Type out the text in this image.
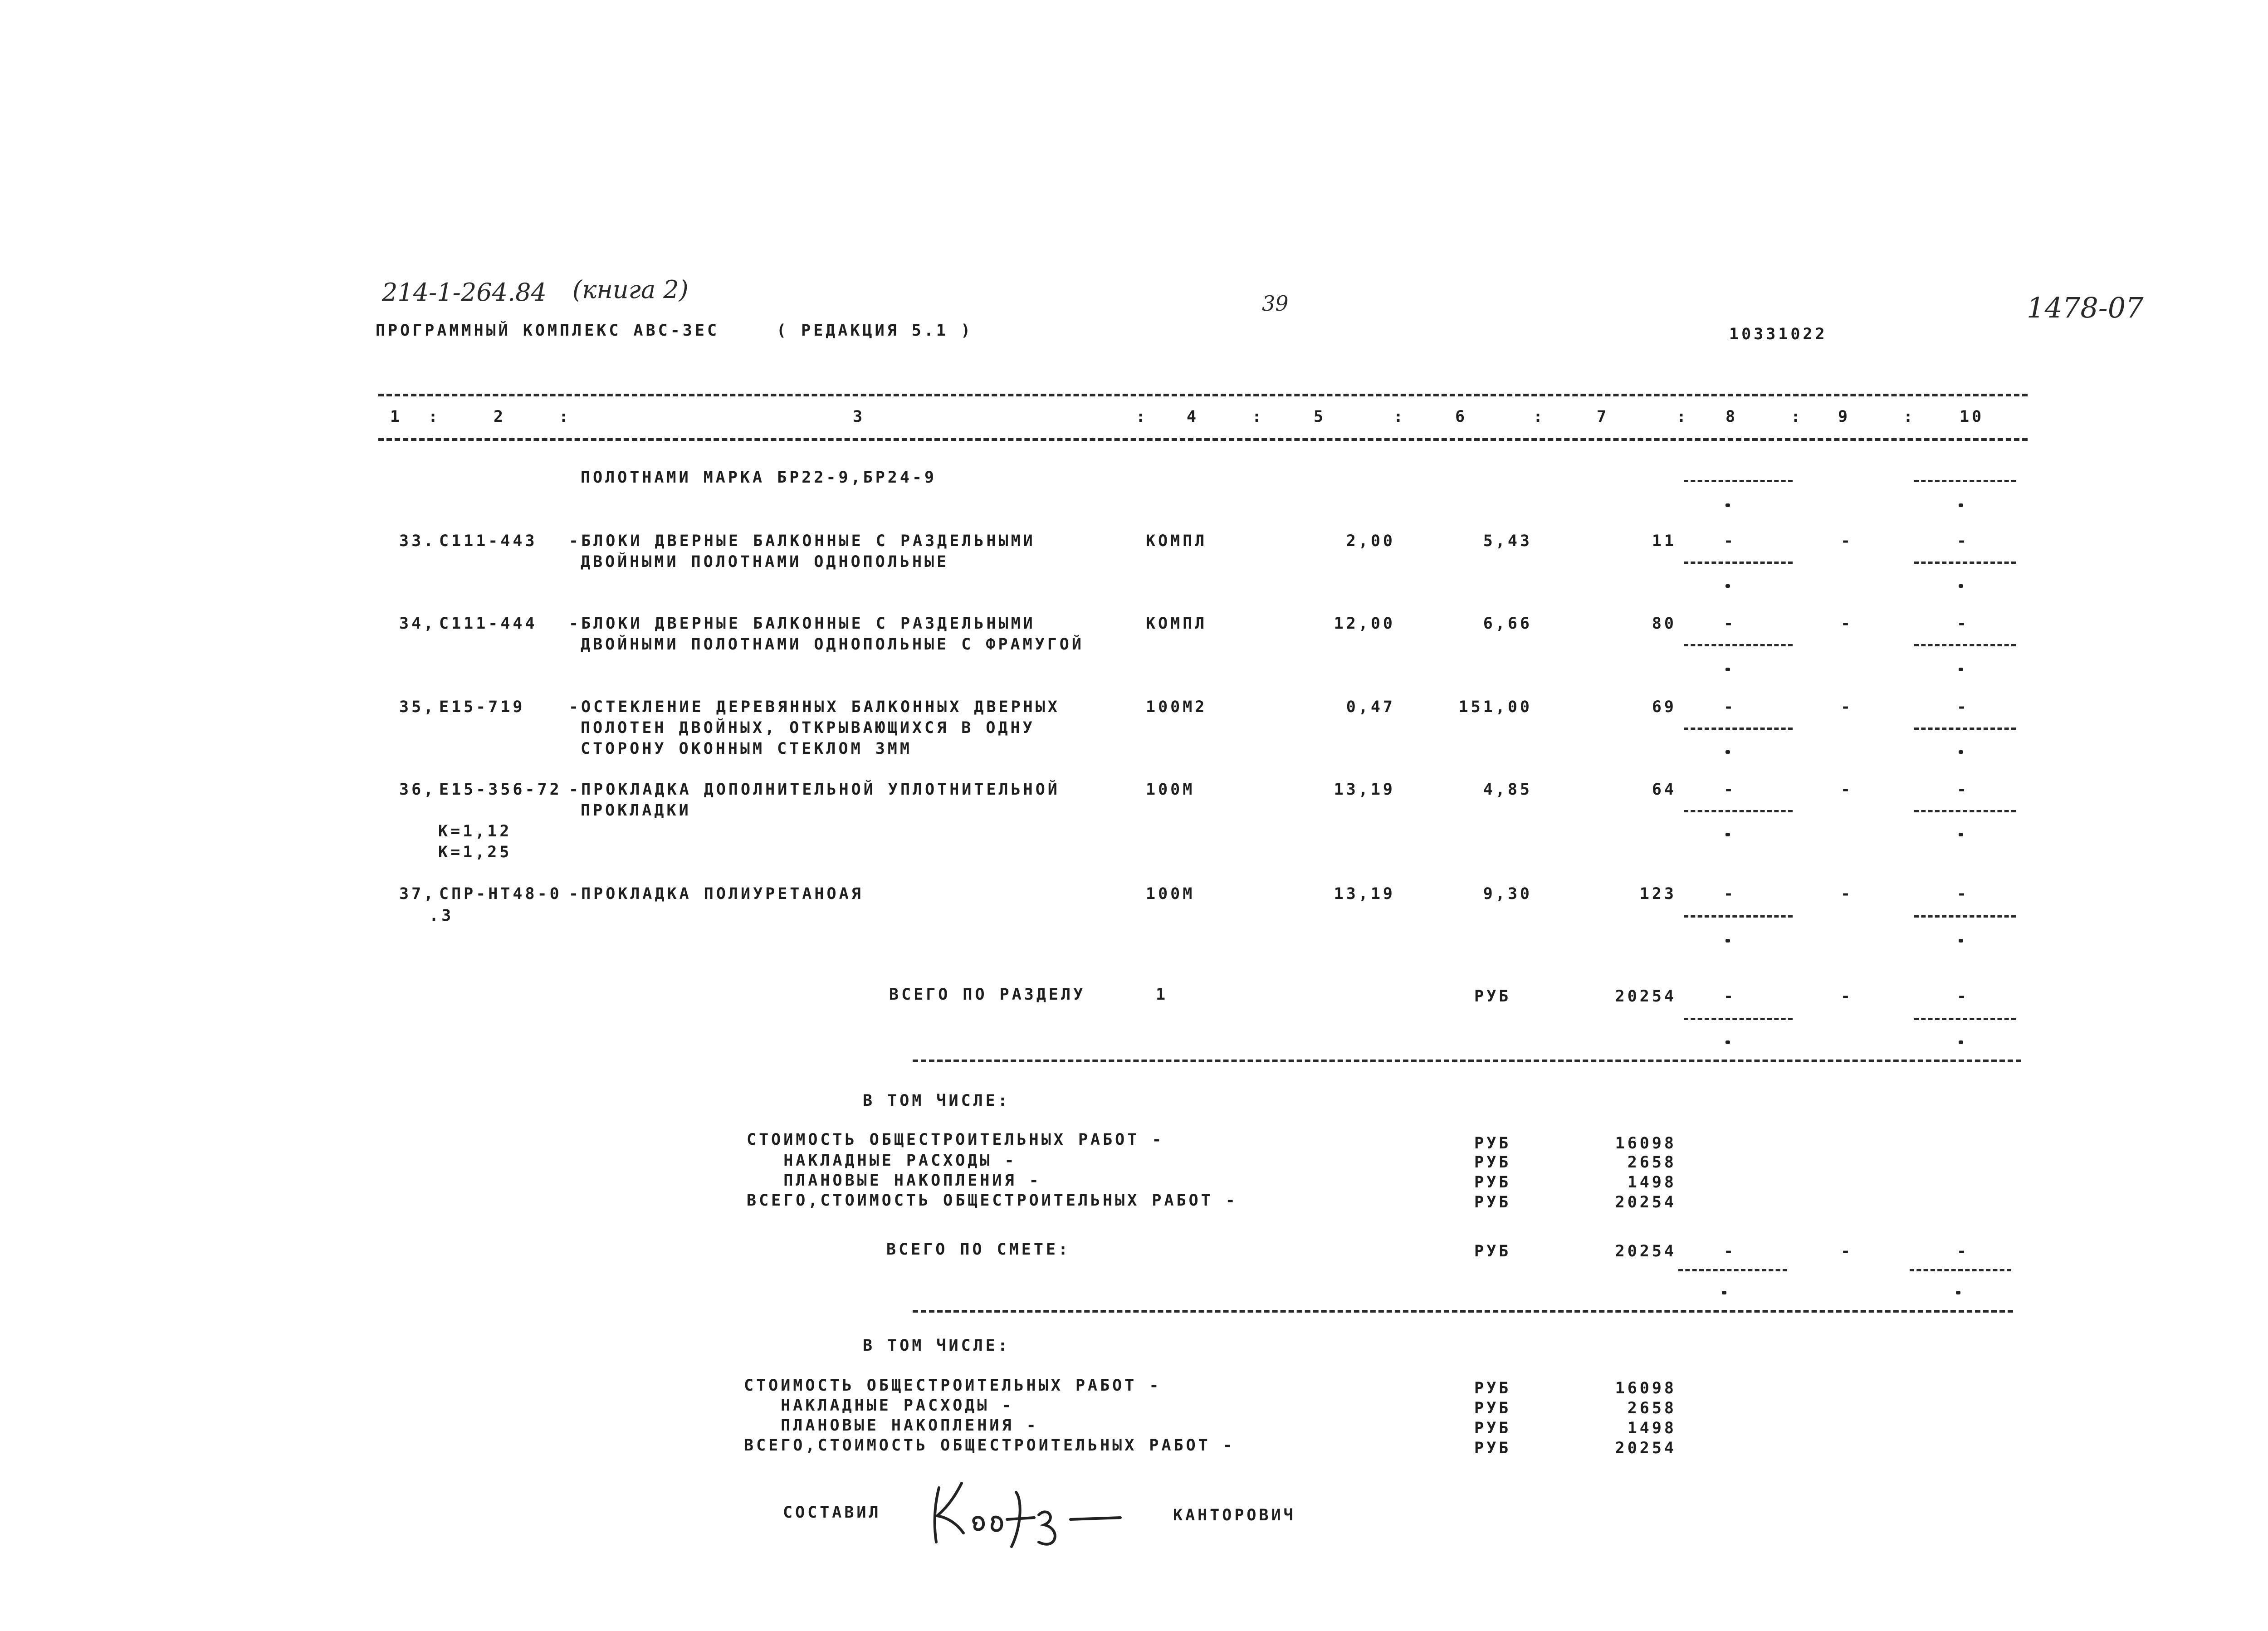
214-1-264.84 (книга 2)	39	1478-07
ПРОГРАММНЫЙ КОМПЛЕКС АВС-3ЕС	( РЕДАКЦИЯ 5.1 )	10331022
1 :	2	:	3	: 4	:	5	:	6	:	7	: 8	: 9	:	10
ПОЛОТНАМИ МАРКА БР22-9,БР24-9
33. С111-443 -БЛОКИ ДВЕРНЫЕ БАЛКОННЫЕ С РАЗДЕЛЬНЫМИ
ДВОЙНЫМИ ПОЛОТНАМИ ОДНОПОЛЬНЫЕ
КОМПЛ	2,00	5,43	11	-	-	-
34, С111-444 -БЛОКИ ДВЕРНЫЕ БАЛКОННЫЕ С РАЗДЕЛЬНЫМИ
ДВОЙНЫМИ ПОЛОТНАМИ ОДНОПОЛЬНЫЕ С ФРАМУГОЙ
КОМПЛ	12,00	6,66	80	-	-	-
35, Е15-719	-ОСТЕКЛЕНИЕ ДЕРЕВЯННЫХ БАЛКОННЫХ ДВЕРНЫХ
ПОЛОТЕН ДВОЙНЫХ, ОТКРЫВАЮЩИХСЯ В ОДНУ
СТОРОНУ ОКОННЫМ СТЕКЛОМ 3ММ
100М2	0,47	151,00	69	-	-	-
36, Е15-356-72 -ПРОКЛАДКА ДОПОЛНИТЕЛЬНОЙ УПЛОТНИТЕЛЬНОЙ
ПРОКЛАДКИ
К=1,12
К=1,25
100М	13,19	4,85	64	-	-	-
37, СПР-НТ48-0 -ПРОКЛАДКА ПОЛИУРЕТАНОАЯ
.3
100М	13,19	9,30	123	-	-	-
ВСЕГО ПО РАЗДЕЛУ	1	РУБ	20254	-	-	-
В ТОМ ЧИСЛЕ:
СТОИМОСТЬ ОБЩЕСТРОИТЕЛЬНЫХ РАБОТ -	РУБ	16098
НАКЛАДНЫЕ РАСХОДЫ -	РУБ	2658
ПЛАНОВЫЕ НАКОПЛЕНИЯ -	РУБ	1498
ВСЕГО,СТОИМОСТЬ ОБЩЕСТРОИТЕЛЬНЫХ РАБОТ -	РУБ	20254
ВСЕГО ПО СМЕТЕ:	РУБ	20254	-	-	-
В ТОМ ЧИСЛЕ:
СТОИМОСТЬ ОБЩЕСТРОИТЕЛЬНЫХ РАБОТ -	РУБ	16098
НАКЛАДНЫЕ РАСХОДЫ -	РУБ	2658
ПЛАНОВЫЕ НАКОПЛЕНИЯ -	РУБ	1498
ВСЕГО,СТОИМОСТЬ ОБЩЕСТРОИТЕЛЬНЫХ РАБОТ -	РУБ	20254
СОСТАВИЛ	КАНТОРОВИЧ
